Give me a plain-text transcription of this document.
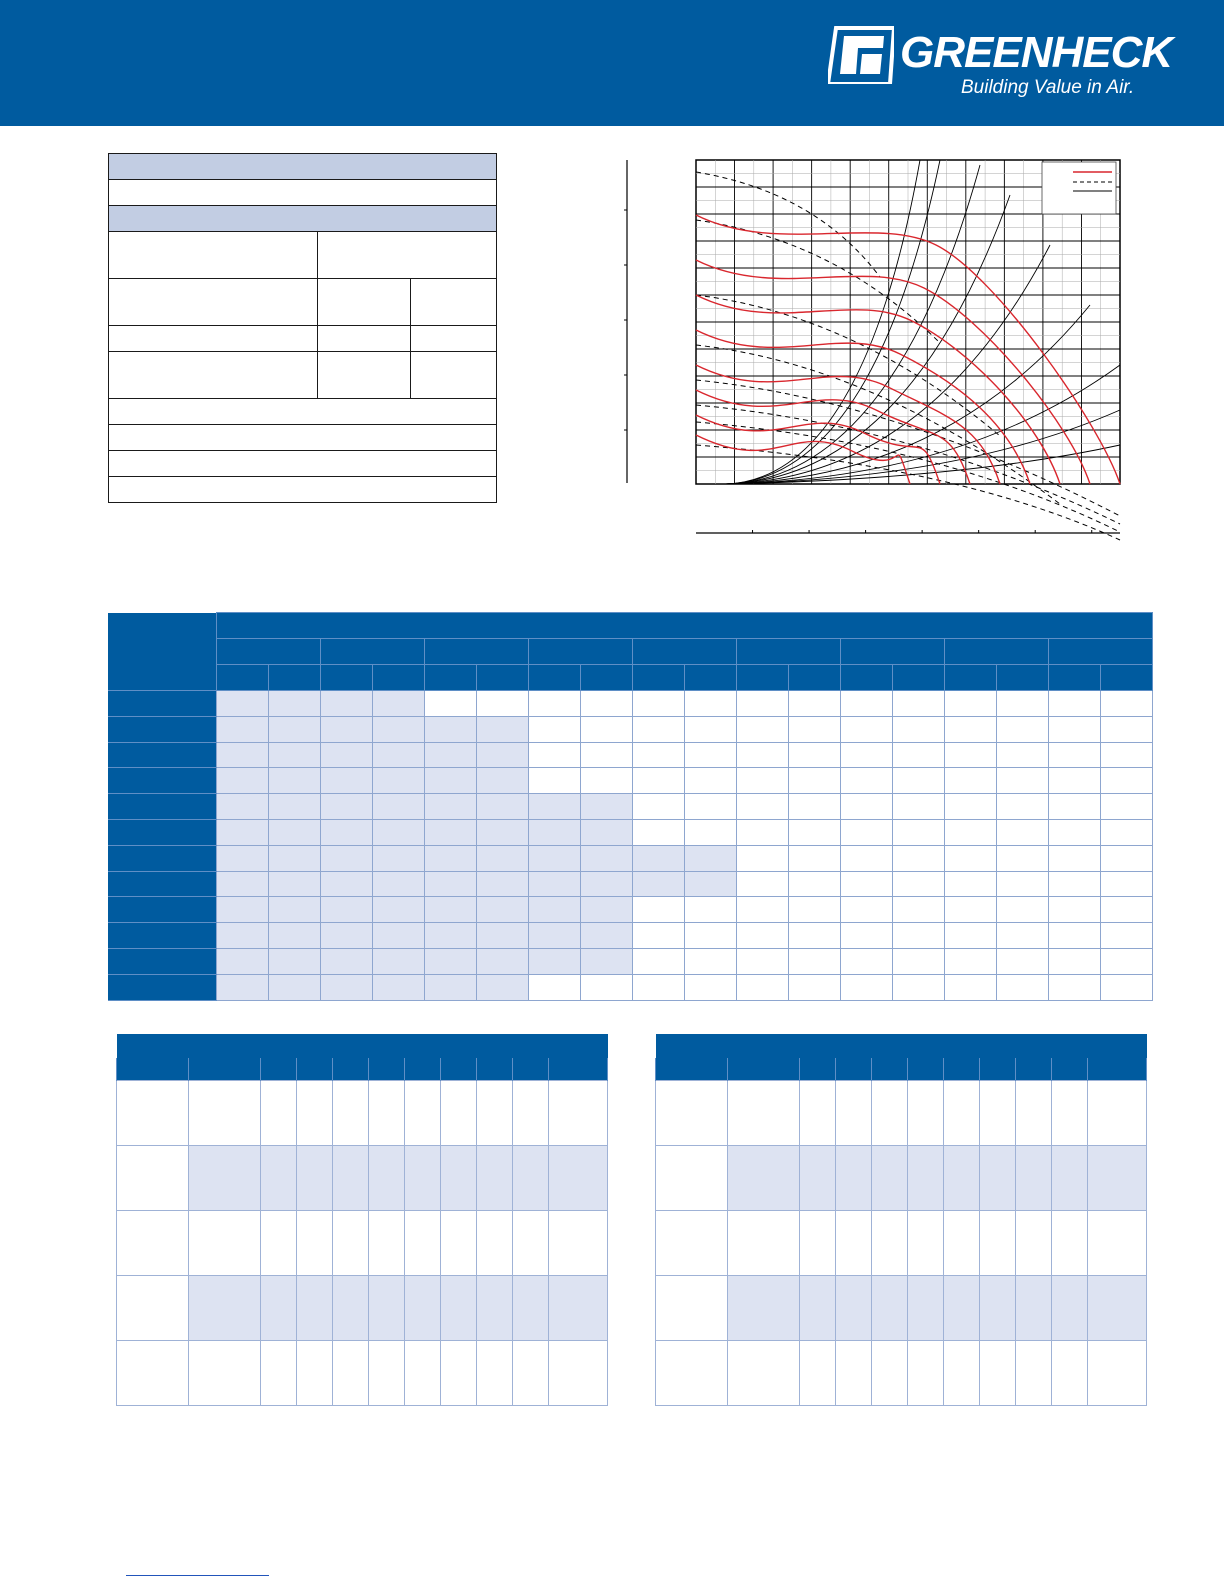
GREENHECK
Building Value in Air.
